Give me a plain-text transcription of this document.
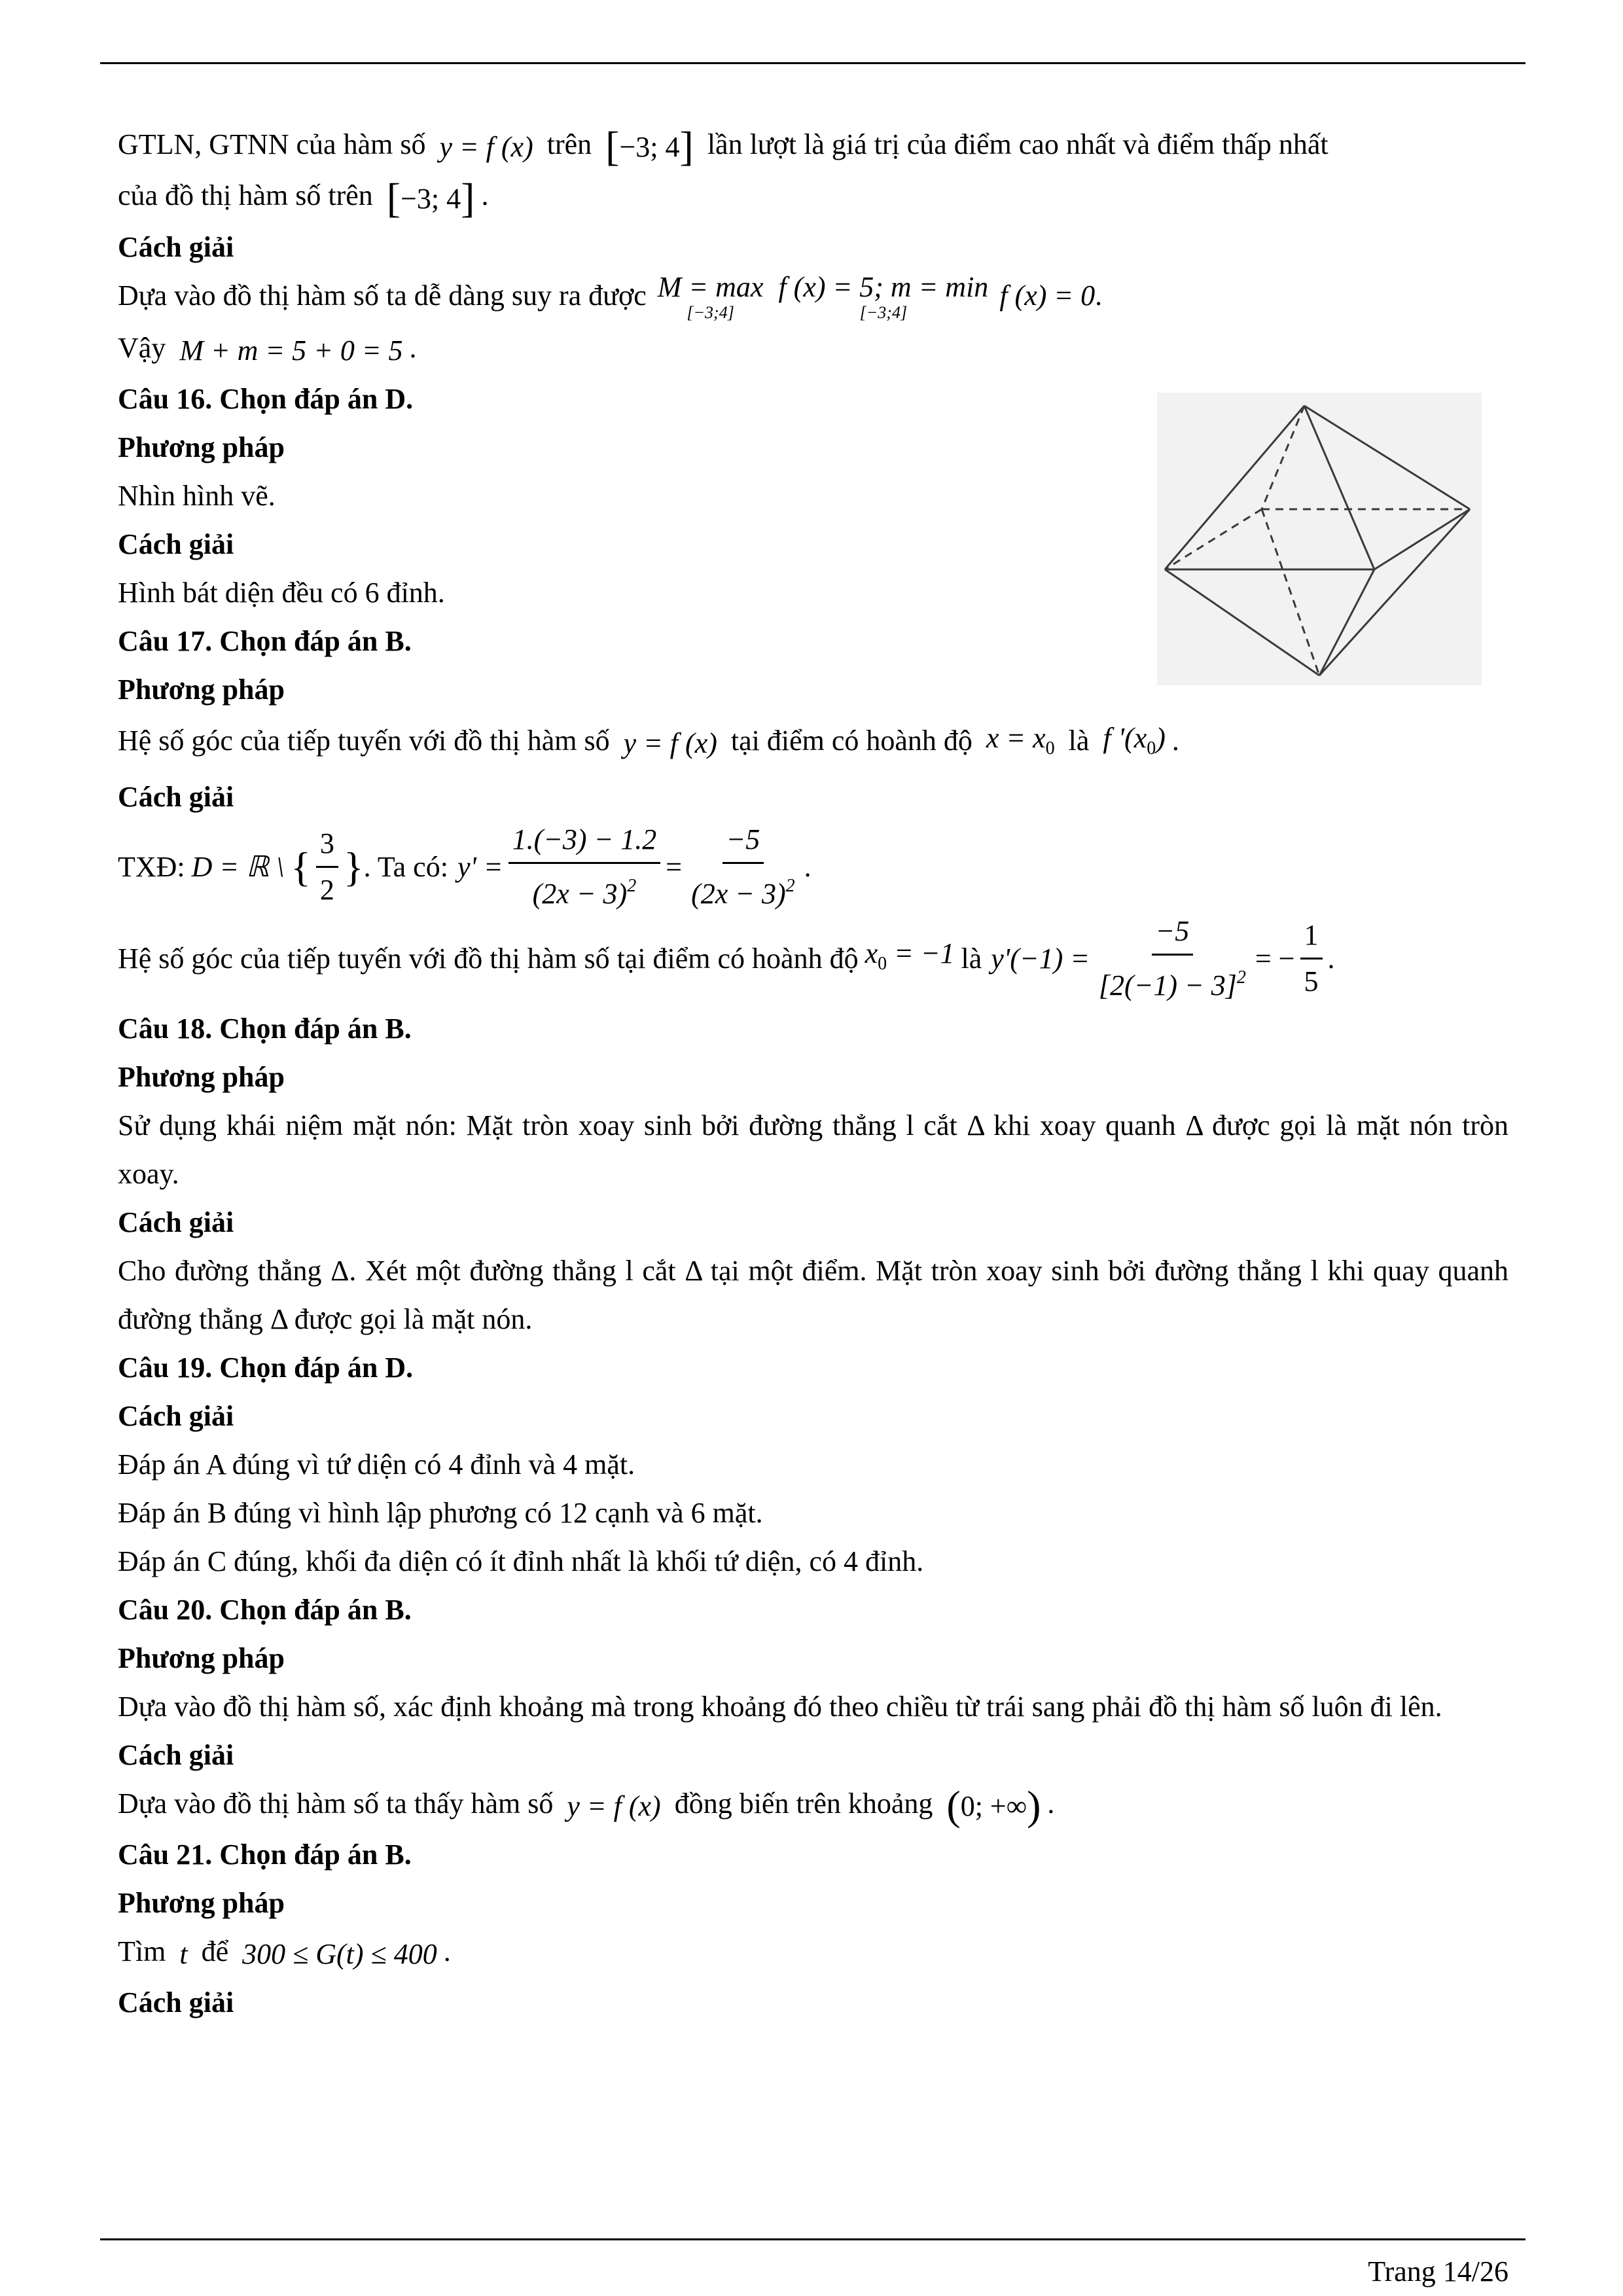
GTLN, GTNN của hàm số y = f (x) trên [−3; 4] lần lượt là giá trị của điểm cao nhất và điểm thấp nhất
của đồ thị hàm số trên [−3; 4] .
Cách giải
Dựa vào đồ thị hàm số ta dễ dàng suy ra được M = max
[−3;4]

f (x) = 5; m = min
[−3;4]
f (x) = 0.
Vậy M + m = 5 + 0 = 5 .
Câu 16. Chọn đáp án D.
Phương pháp
Nhìn hình vẽ.
Cách giải
Hình bát diện đều có 6 đỉnh.
Câu 17. Chọn đáp án B.
Phương pháp
Hệ số góc của tiếp tuyến với đồ thị hàm số y = f (x) tại điểm có hoành độ $x = x_0$ là f '$(x_0)$ .
Cách giải
TXĐ: D = ℝ \ { $\frac{3}{2}$ } . Ta có: $y' = \frac{1.(-3) - 1.2}{(2x - 3)^2} = \frac{-5}{(2x - 3)^2}$ .
Hệ số góc của tiếp tuyến với đồ thị hàm số tại điểm có hoành độ $x_0 = -1$ là $y'(-1) = \frac{-5}{[2(-1) - 3]^2}$ = − $\frac{1}{5}$ .
Câu 18. Chọn đáp án B.
Phương pháp
Sử dụng khái niệm mặt nón: Mặt tròn xoay sinh bởi đường thẳng l cắt Δ khi xoay quanh Δ được gọi là mặt nón tròn xoay.
Cách giải
Cho đường thẳng Δ. Xét một đường thẳng l cắt Δ tại một điểm. Mặt tròn xoay sinh bởi đường thẳng l khi quay quanh đường thẳng Δ được gọi là mặt nón.
Câu 19. Chọn đáp án D.
Cách giải
Đáp án A đúng vì tứ diện có 4 đỉnh và 4 mặt.
Đáp án B đúng vì hình lập phương có 12 cạnh và 6 mặt.
Đáp án C đúng, khối đa diện có ít đỉnh nhất là khối tứ diện, có 4 đỉnh.
Câu 20. Chọn đáp án B.
Phương pháp
Dựa vào đồ thị hàm số, xác định khoảng mà trong khoảng đó theo chiều từ trái sang phải đồ thị hàm số luôn đi lên.
Cách giải
Dựa vào đồ thị hàm số ta thấy hàm số y = f (x) đồng biến trên khoảng (0; +∞) .
Câu 21. Chọn đáp án B.
Phương pháp
Tìm t để 300 ≤ G(t) ≤ 400 .
Cách giải
Trang 14/26
